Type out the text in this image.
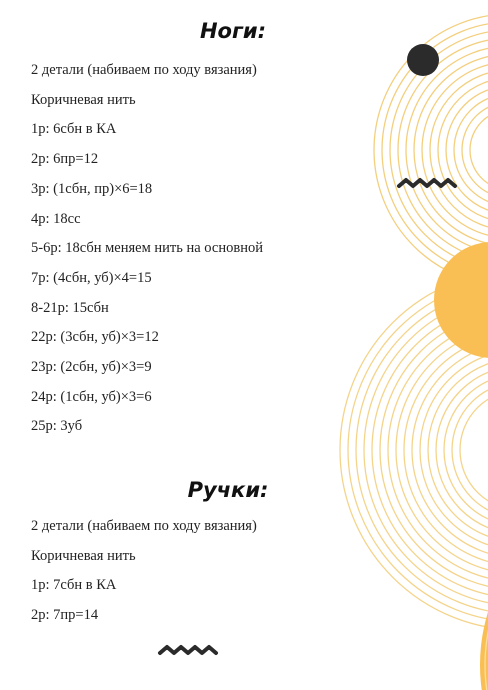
Ноги:
2 детали (набиваем по ходу вязания)
Коричневая нить
1р: 6сбн в КА
2р: 6пр=12
3р: (1сбн, пр)×6=18
4р: 18сс
5-6р: 18сбн меняем нить на основной
7р: (4сбн, уб)×4=15
8-21р: 15сбн
22р: (3сбн, уб)×3=12
23р: (2сбн, уб)×3=9
24р: (1сбн, уб)×3=6
25р: 3уб
Ручки:
2 детали (набиваем по ходу вязания)
Коричневая нить
1р: 7сбн в КА
2р: 7пр=14
